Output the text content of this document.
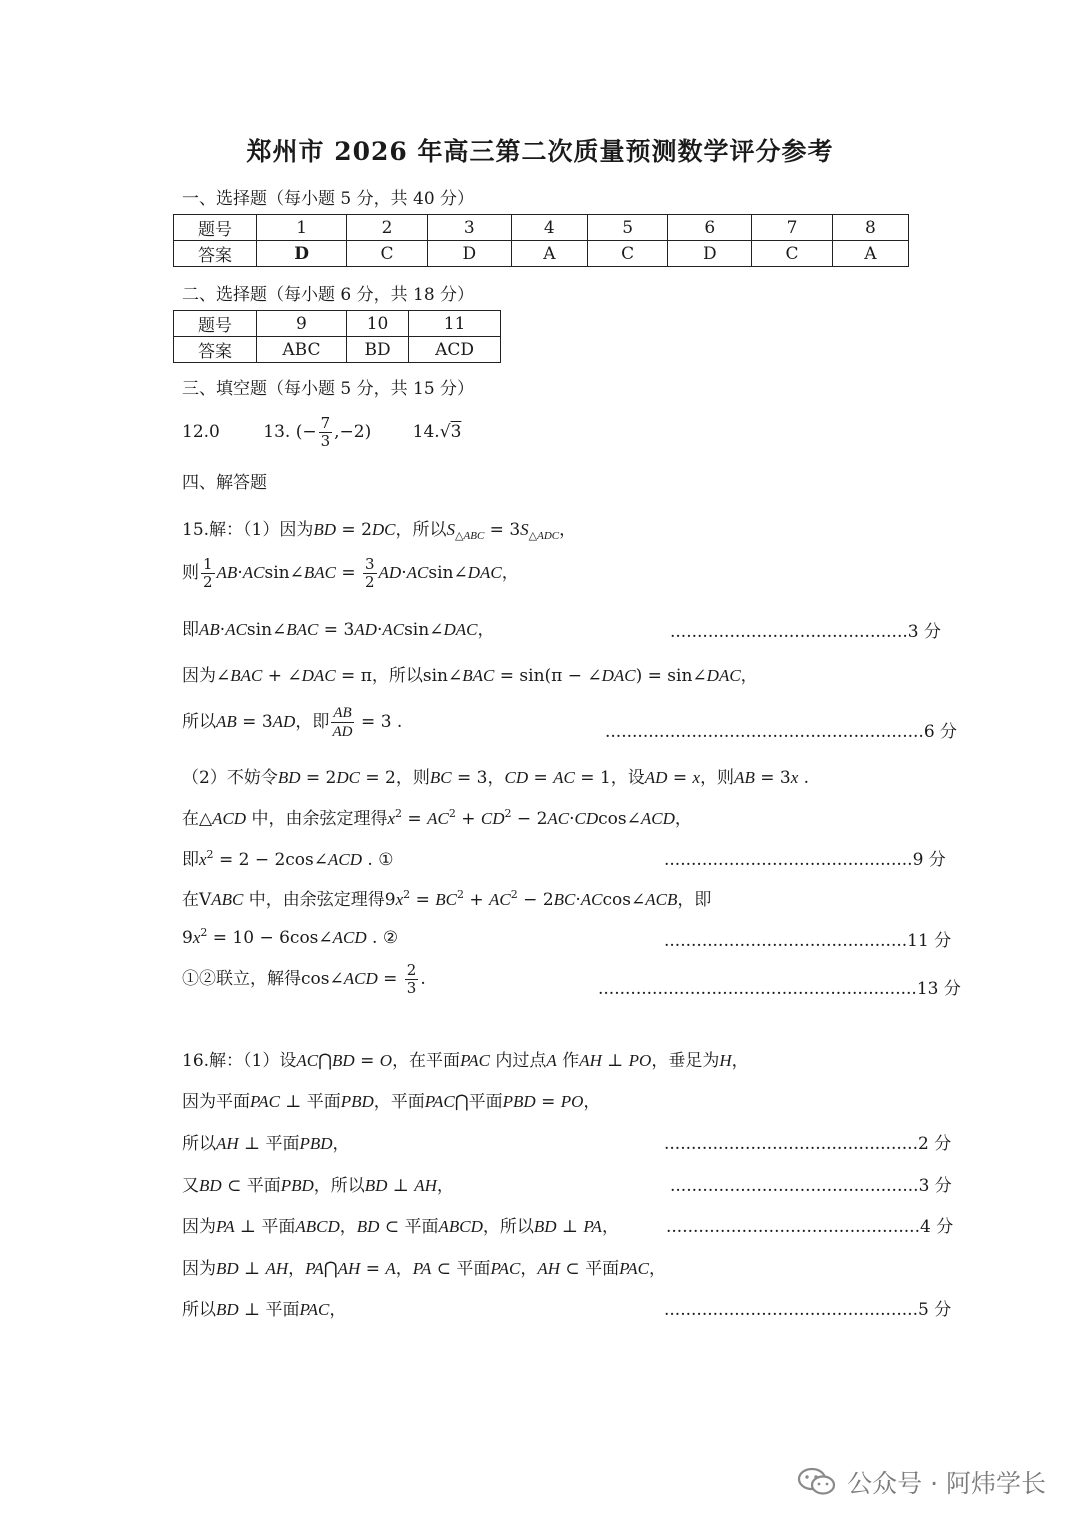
郑州市 2026 年高三第二次质量预测数学评分参考
一、选择题（每小题 5 分，共 40 分）
题号	1	2	3	4	5	6	7	8
答案	D	C	D	A	C	D	C	A
二、选择题（每小题 6 分，共 18 分）
题号	9	10	11
答案	ABC	BD	ACD
三、填空题（每小题 5 分，共 15 分）
12.0	13. (− $\frac{7}{3} ,-2$) 14.√3
四、解答题
15.解：（1）因为BD = 2DC，所以$S_{\triangle ABC} = 3S_{\triangle ADC}$，
则 $\frac{1}{2}$ AB·ACsin∠BAC = $\frac{3}{2}$ AD·ACsin∠DAC，
即AB·ACsin∠BAC = 3AD·ACsin∠DAC，	............................................3 分
因为∠BAC + ∠DAC = π，所以sin∠BAC = sin(π − ∠DAC) = sin∠DAC，
所以AB = 3AD，即 $\frac{AB}{AD} = 3$ .	...........................................................6 分
（2）不妨令BD = 2DC = 2，则BC = 3，CD = AC = 1，设AD = x，则AB = 3x .
在△ACD 中，由余弦定理得$x^2 = AC^2 + CD^2$ − 2AC·CDcos∠ACD，
即$x^2 = 2$ − 2cos∠ACD . ①	..............................................9 分
在VABC 中，由余弦定理得$9x^2 = BC^2 + AC^2$ − 2BC·ACcos∠ACB，即
$9x^2 = 10$ − 6cos∠ACD . ②	.............................................11 分
①②联立，解得cos∠ACD = $\frac{2}{3}$ .	...........................................................13 分
16.解：（1）设AC⋂BD = O，在平面PAC 内过点A 作AH ⊥ PO，垂足为H，
因为平面PAC ⊥ 平面PBD，平面PAC⋂平面PBD = PO，
所以AH ⊥ 平面PBD，	...............................................2 分
又BD ⊂ 平面PBD，所以BD ⊥ AH，	..............................................3 分
因为PA ⊥ 平面ABCD，BD ⊂ 平面ABCD，所以BD ⊥ PA，	...............................................4 分
因为BD ⊥ AH，PA⋂AH = A，PA ⊂ 平面PAC，AH ⊂ 平面PAC，
所以BD ⊥ 平面PAC，	...............................................5 分
公众号 · 阿炜学长
